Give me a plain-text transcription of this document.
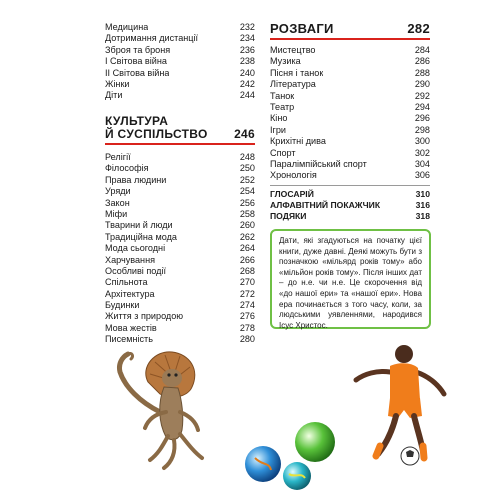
Медицина	232
Дотримання дистанції	234
Зброя та броня	236
І Світова війна	238
ІІ Світова війна	240
Жінки	242
Діти	244
КУЛЬТУРА
Й СУСПІЛЬСТВО 246
Релігії	248
Філософія	250
Права людини	252
Уряди	254
Закон	256
Міфи	258
Тварини й люди	260
Традиційна мода	262
Мода сьогодні	264
Харчування	266
Особливі події	268
Спільнота	270
Архітектура	272
Будинки	274
Життя з природою	276
Мова жестів	278
Писемність	280
РОЗВАГИ	282
Мистецтво	284
Музика	286
Пісня і танок	288
Література	290
Танок	292
Театр	294
Кіно	296
Ігри	298
Крихітні дива	300
Спорт	302
Паралімпійський спорт	304
Хронологія	306
ГЛОСАРІЙ	310
АЛФАВІТНИЙ ПОКАЖЧИК	316
ПОДЯКИ	318
Дати, які згадуються на початку цієї книги, дуже давні. Деякі можуть бути з позначкою «мільярд років тому» або «мільйон років тому». Після інших дат – до н.е. чи н.е. Це скорочення від «до нашої ери» та «нашої ери». Нова ера починається з того часу, коли, за людськими уявленнями, народився Ісус Христос.
